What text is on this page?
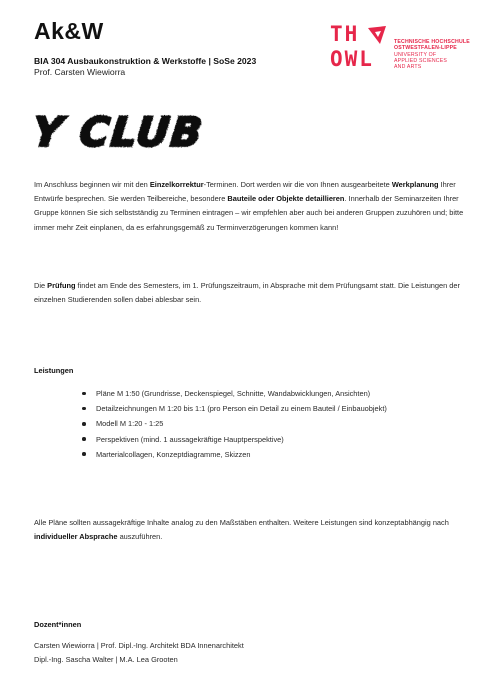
Ak&W
BIA 304 Ausbaukonstruktion & Werkstoffe | SoSe 2023
Prof. Carsten Wiewiorra
TH
OWL
TECHNISCHE HOCHSCHULE
OSTWESTFALEN-LIPPE
UNIVERSITY OF
APPLIED SCIENCES
AND ARTS
Y CLUB
Im Anschluss beginnen wir mit den Einzelkorrektur-Terminen. Dort werden wir die von Ihnen ausgearbeitete Werkplanung Ihrer Entwürfe besprechen. Sie werden Teilbereiche, besondere Bauteile oder Objekte detaillieren. Innerhalb der Seminarzeiten Ihrer Gruppe können Sie sich selbstständig zu Terminen eintragen – wir empfehlen aber auch bei anderen Gruppen zuzuhören und; bitte immer mehr Zeit einplanen, da es erfahrungsgemäß zu Terminverzögerungen kommen kann!
Die Prüfung findet am Ende des Semesters, im 1. Prüfungszeitraum, in Absprache mit dem Prüfungsamt statt. Die Leistungen der einzelnen Studierenden sollen dabei ablesbar sein.
Leistungen
Pläne M 1:50 (Grundrisse, Deckenspiegel, Schnitte, Wandabwicklungen, Ansichten)
Detailzeichnungen M 1:20 bis 1:1 (pro Person ein Detail zu einem Bauteil / Einbauobjekt)
Modell M 1:20 - 1:25
Perspektiven (mind. 1 aussagekräftige Hauptperspektive)
Marterialcollagen, Konzeptdiagramme, Skizzen
Alle Pläne sollten aussagekräftige Inhalte analog zu den Maßstäben enthalten. Weitere Leistungen sind konzeptabhängig nach individueller Absprache auszuführen.
Dozent*innen
Carsten Wiewiorra | Prof. Dipl.-Ing. Architekt BDA Innenarchitekt
Dipl.-Ing. Sascha Walter | M.A. Lea Grooten
